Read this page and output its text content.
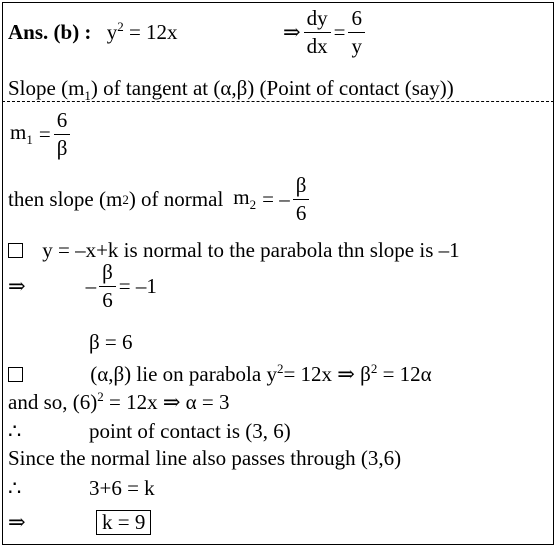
Ans. (b) : $y^2 = 12x$	⇒ $\frac{dy}{dx} = \frac{6}{y}$
Slope $(m_1)$ of tangent at (α,β) (Point of contact (say))
$m_1 = \frac{6}{\beta}$
then slope (m 2 ) of normal $m_2$ = – $\frac{\beta}{6}$
y = –x+k is normal to the parabola thn slope is –1
⇒	– $\frac{\beta}{6} = -1$
β = 6
(α,β) lie on parabola $y^2= 12x$ ⇒ $\beta^2 = 12\alpha$
and so, $(6)^2 = 12x$ ⇒ α = 3
∴	point of contact is (3, 6)
Since the normal line also passes through (3,6)
∴	3+6 = k
⇒	k = 9
